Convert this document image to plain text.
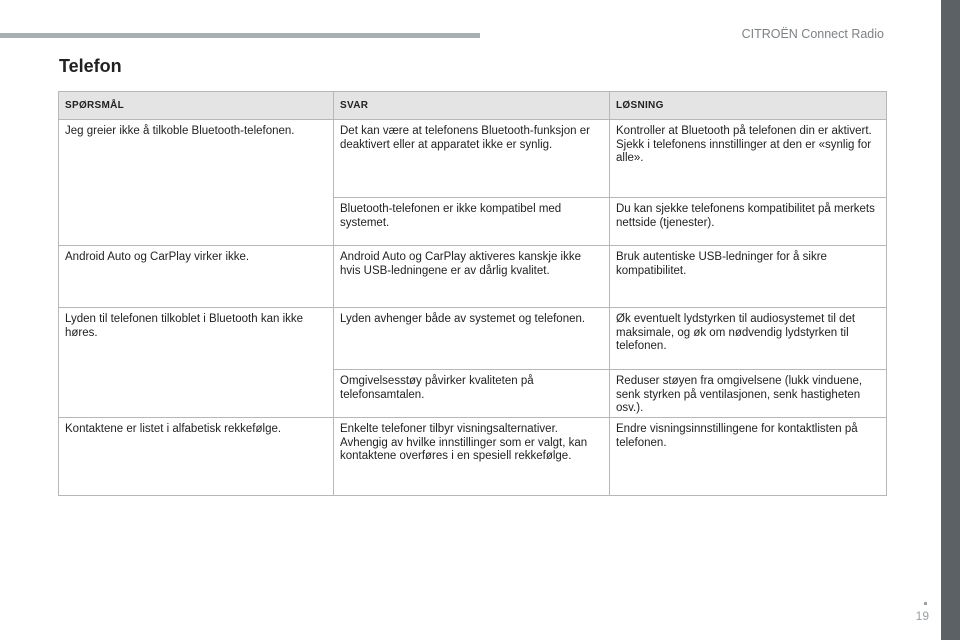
CITROËN Connect Radio
Telefon
SPØRSMÅL	SVAR	LØSNING

Jeg greier ikke å tilkoble Bluetooth-telefonen.	Det kan være at telefonens Bluetooth-funksjon er deaktivert eller at apparatet ikke er synlig.	Kontroller at Bluetooth på telefonen din er aktivert.
Sjekk i telefonens innstillinger at den er «synlig for alle».

	Bluetooth-telefonen er ikke kompatibel med systemet.	Du kan sjekke telefonens kompatibilitet på merkets nettside (tjenester).

Android Auto og CarPlay virker ikke.	Android Auto og CarPlay aktiveres kanskje ikke hvis USB-ledningene er av dårlig kvalitet.	Bruk autentiske USB-ledninger for å sikre kompatibilitet.

Lyden til telefonen tilkoblet i Bluetooth kan ikke høres.	Lyden avhenger både av systemet og telefonen.	Øk eventuelt lydstyrken til audiosystemet til det maksimale, og øk om nødvendig lydstyrken til telefonen.

	Omgivelsesstøy påvirker kvaliteten på telefonsamtalen.	Reduser støyen fra omgivelsene (lukk vinduene, senk styrken på ventilasjonen, senk hastigheten osv.).

Kontaktene er listet i alfabetisk rekkefølge.	Enkelte telefoner tilbyr visningsalternativer. Avhengig av hvilke innstillinger som er valgt, kan kontaktene overføres i en spesiell rekkefølge.	Endre visningsinnstillingene for kontaktlisten på telefonen.
19
